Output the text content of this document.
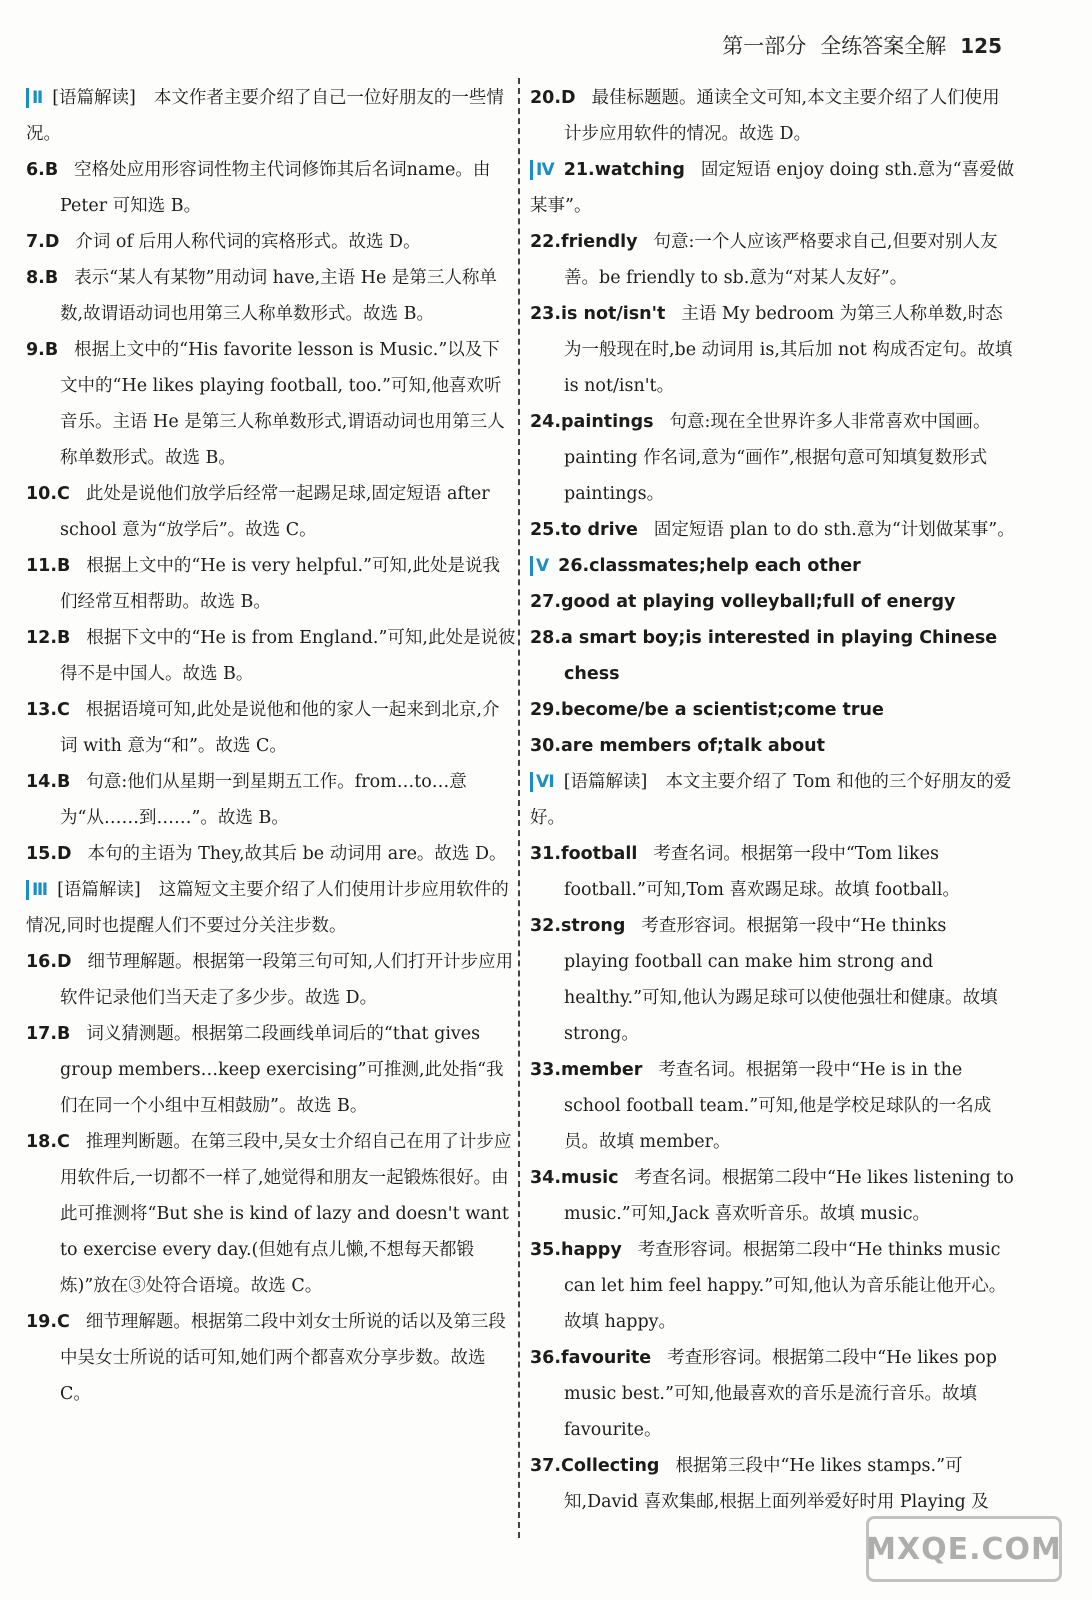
第一部分 全练答案全解 125

Ⅱ [语篇解读] 本文作者主要介绍了自己一位好朋友的一些情况。

6.B 空格处应用形容词性物主代词修饰其后名词name。由 Peter 可知选 B。

7.D 介词 of 后用人称代词的宾格形式。故选 D。

8.B 表示“某人有某物”用动词 have,主语 He 是第三人称单数,故谓语动词也用第三人称单数形式。故选 B。

9.B 根据上文中的“His favorite lesson is Music.”以及下文中的“He likes playing football, too.”可知,他喜欢听音乐。主语 He 是第三人称单数形式,谓语动词也用第三人称单数形式。故选 B。

10.C 此处是说他们放学后经常一起踢足球,固定短语 after school 意为“放学后”。故选 C。

11.B 根据上文中的“He is very helpful.”可知,此处是说我们经常互相帮助。故选 B。

12.B 根据下文中的“He is from England.”可知,此处是说彼得不是中国人。故选 B。

13.C 根据语境可知,此处是说他和他的家人一起来到北京,介词 with 意为“和”。故选 C。

14.B 句意:他们从星期一到星期五工作。from…to…意为“从……到……”。故选 B。

15.D 本句的主语为 They,故其后 be 动词用 are。故选 D。

Ⅲ [语篇解读] 这篇短文主要介绍了人们使用计步应用软件的情况,同时也提醒人们不要过分关注步数。

16.D 细节理解题。根据第一段第三句可知,人们打开计步应用软件记录他们当天走了多少步。故选 D。

17.B 词义猜测题。根据第二段画线单词后的“that gives group members…keep exercising”可推测,此处指“我们在同一个小组中互相鼓励”。故选 B。

18.C 推理判断题。在第三段中,吴女士介绍自己在用了计步应用软件后,一切都不一样了,她觉得和朋友一起锻炼很好。由此可推测将“But she is kind of lazy and doesn't want to exercise every day.(但她有点儿懒,不想每天都锻炼)”放在③处符合语境。故选 C。

19.C 细节理解题。根据第二段中刘女士所说的话以及第三段中吴女士所说的话可知,她们两个都喜欢分享步数。故选 C。

20.D 最佳标题题。通读全文可知,本文主要介绍了人们使用计步应用软件的情况。故选 D。

Ⅳ 21.watching 固定短语 enjoy doing sth.意为“喜爱做某事”。

22.friendly 句意:一个人应该严格要求自己,但要对别人友善。be friendly to sb.意为“对某人友好”。

23.is not/isn't 主语 My bedroom 为第三人称单数,时态为一般现在时,be 动词用 is,其后加 not 构成否定句。故填 is not/isn't。

24.paintings 句意:现在全世界许多人非常喜欢中国画。painting 作名词,意为“画作”,根据句意可知填复数形式 paintings。

25.to drive 固定短语 plan to do sth.意为“计划做某事”。

Ⅴ 26.classmates;help each other

27.good at playing volleyball;full of energy

28.a smart boy;is interested in playing Chinese chess

29.become/be a scientist;come true

30.are members of;talk about

Ⅵ [语篇解读] 本文主要介绍了 Tom 和他的三个好朋友的爱好。

31.football 考查名词。根据第一段中“Tom likes football.”可知,Tom 喜欢踢足球。故填 football。

32.strong 考查形容词。根据第一段中“He thinks playing football can make him strong and healthy.”可知,他认为踢足球可以使他强壮和健康。故填 strong。

33.member 考查名词。根据第一段中“He is in the school football team.”可知,他是学校足球队的一名成员。故填 member。

34.music 考查名词。根据第二段中“He likes listening to music.”可知,Jack 喜欢听音乐。故填 music。

35.happy 考查形容词。根据第二段中“He thinks music can let him feel happy.”可知,他认为音乐能让他开心。故填 happy。

36.favourite 考查形容词。根据第二段中“He likes pop music best.”可知,他最喜欢的音乐是流行音乐。故填 favourite。

37.Collecting 根据第三段中“He likes stamps.”可知,David 喜欢集邮,根据上面列举爱好时用 Playing 及

MXQE.COM
